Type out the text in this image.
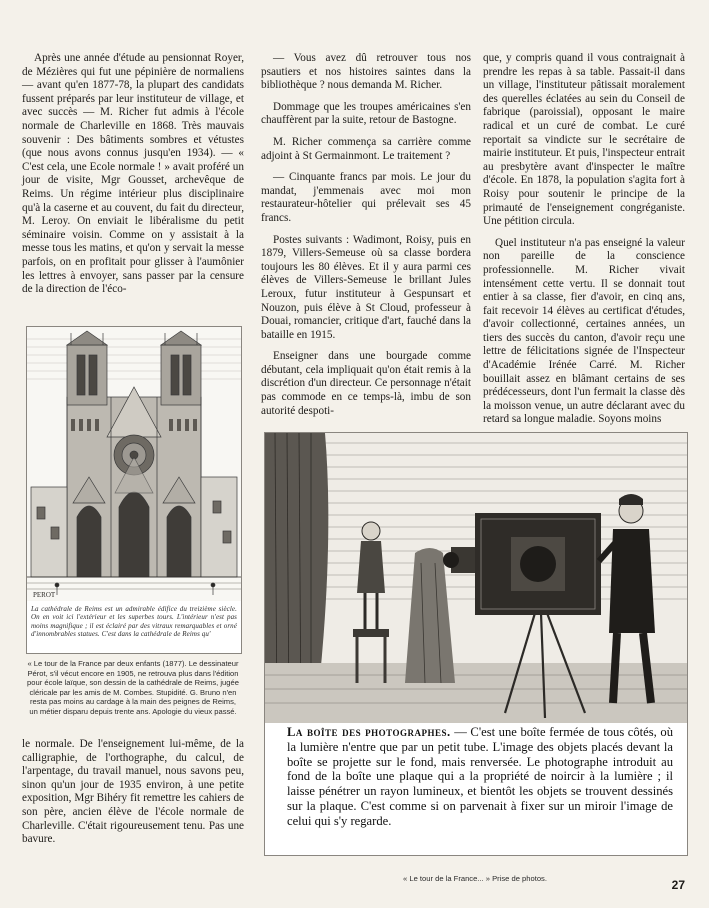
Après une année d'étude au pensionnat Royer, de Mézières qui fut une pépinière de normaliens — avant qu'en 1877-78, la plupart des candidats fussent préparés par leur instituteur de village, et avec succès — M. Richer fut admis à l'école normale de Charleville en 1868. Très mauvais souvenir : Des bâtiments sombres et vétustes (que nous avons connus jusqu'en 1934). — « C'est cela, une Ecole normale ! » avait proféré un jour de visite, Mgr Gousset, archevêque de Reims. Un régime intérieur plus disciplinaire qu'à la caserne et au couvent, du fait du directeur, M. Leroy. On enviait le libéralisme du petit séminaire voisin. Comme on y assistait à la messe tous les matins, et qu'on y servait la messe parfois, on en profitait pour glisser à l'aumônier les lettres à envoyer, sans passer par la censure de la direction de l'éco-

PEROT
La cathédrale de Reims est un admirable édifice du treizième siècle. On en voit ici l'extérieur et les superbes tours. L'intérieur n'est pas moins magnifique ; il est éclairé par des vitraux remarquables et orné d'innombrables statues. C'est dans la cathédrale de Reims qu'
« Le tour de la France par deux enfants (1877). Le dessinateur Pérot, s'il vécut encore en 1905, ne retrouva plus dans l'édition pour école laïque, son dessin de la cathédrale de Reims, jugée cléricale par les amis de M. Combes. Stupidité. G. Bruno n'en resta pas moins au cardage à la main des peignes de Reims, un métier disparu depuis trente ans. Apologie du vieux passé.

le normale. De l'enseignement lui-même, de la calligraphie, de l'orthographe, du calcul, de l'arpentage, du travail manuel, nous savons peu, sinon qu'un jour de 1935 environ, à une petite exposition, Mgr Bihéry fit remettre les cahiers de son père, ancien élève de l'école normale de Charleville. C'était rigoureusement tenu. Pas une bavure.

— Vous avez dû retrouver tous nos psautiers et nos histoires saintes dans la bibliothèque ? nous demanda M. Richer.

Dommage que les troupes américaines s'en chauffèrent par la suite, retour de Bastogne.

M. Richer commença sa carrière comme adjoint à St Germainmont. Le traitement ?

— Cinquante francs par mois. Le jour du mandat, j'emmenais avec moi mon restaurateur-hôtelier qui prélevait ses 45 francs.

Postes suivants : Wadimont, Roisy, puis en 1879, Villers-Semeuse où sa classe bordera toujours les 80 élèves. Et il y aura parmi ces élèves de Villers-Semeuse le brillant Jules Leroux, futur instituteur à Gespunsart et Nouzon, puis élève à St Cloud, professeur à Douai, romancier, critique d'art, fauché dans la bataille en 1915.

Enseigner dans une bourgade comme débutant, cela impliquait qu'on était remis à la discrétion d'un directeur. Ce personnage n'était pas commode en ce temps-là, imbu de son autorité despoti-

que, y compris quand il vous contraignait à prendre les repas à sa table. Passait-il dans un village, l'instituteur pâtissait moralement des querelles éclatées au sein du Conseil de fabrique (paroissial), opposant le maire radical et un curé de combat. Le curé reportait sa vindicte sur le secrétaire de mairie instituteur. Et puis, l'inspecteur entrait au presbytère avant d'inspecter le maître d'école. En 1878, la population s'agita fort à Roisy pour soutenir le principe de la primauté de l'enseignement congréganiste. Une pétition circula.

Quel instituteur n'a pas enseigné la valeur non pareille de la conscience professionnelle. M. Richer vivait intensément cette vertu. Il se donnait tout entier à sa classe, fier d'avoir, en cinq ans, fait recevoir 14 élèves au certificat d'études, d'avoir collectionné, certaines années, un tiers des succès du canton, d'avoir reçu une lettre de félicitations signée de l'Inspecteur d'Académie Irénée Carré. M. Richer bouillait assez en blâmant certains de ses prédécesseurs, dont l'un fermait la classe dès la moisson venue, un autre déclarant avec du retard sa longue maladie. Soyons moins

La boîte des photographes. — C'est une boîte fermée de tous côtés, où la lumière n'entre que par un petit tube. L'image des objets placés devant la boîte se projette sur le fond, mais renversée. Le photographe introduit au fond de la boîte une plaque qui a la propriété de noircir à la lumière ; il laisse pénétrer un rayon lumineux, et bientôt les objets se trouvent dessinés sur la plaque. C'est comme si on parvenait à fixer sur un miroir l'image de celui qui s'y regarde.
« Le tour de la France... » Prise de photos.	27
